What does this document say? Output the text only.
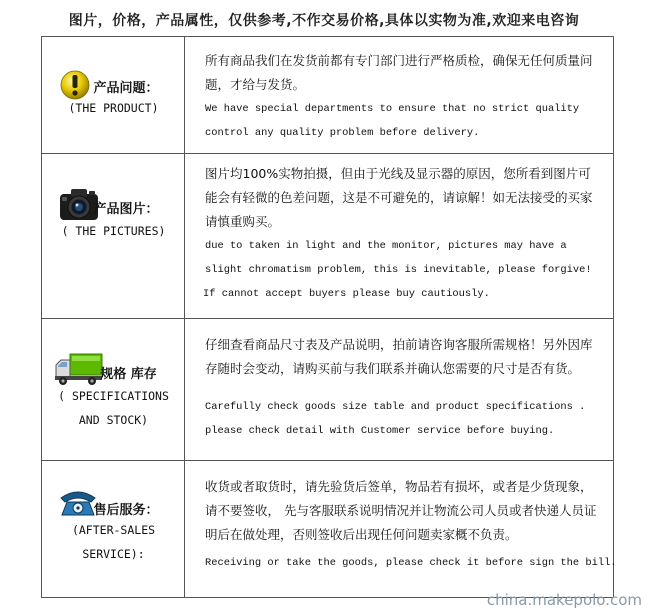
图片，价格，产品属性，仅供参考,不作交易价格,具体以实物为准,欢迎来电咨询
产品问题：
(THE PRODUCT)
所有商品我们在发货前都有专门部门进行严格质检，确保无任何质量问题，才给与发货。
We have special departments to ensure that no strict quality
control any quality problem before delivery.
产品图片：
( THE PICTURES)
图片均100%实物拍摄，但由于光线及显示器的原因，您所看到图片可能会有轻微的色差问题，这是不可避免的，请谅解！如无法接受的买家请慎重购买。
due to taken in light and the monitor, pictures may have a
slight chromatism problem, this is inevitable, please forgive!
If cannot accept buyers please buy cautiously.
规格 库存
( SPECIFICATIONS
AND STOCK)
仔细查看商品尺寸表及产品说明，拍前请咨询客服所需规格！另外因库存随时会变动，请购买前与我们联系并确认您需要的尺寸是否有货。
Carefully check goods size table and product specifications .
please check detail with Customer service before buying.
售后服务：
(AFTER-SALES
SERVICE):
收货或者取货时，请先验货后签单，物品若有损坏，或者是少货现象，请不要签收， 先与客服联系说明情况并让物流公司人员或者快递人员证明后在做处理，否则签收后出现任何问题卖家概不负责。
Receiving or take the goods, please check it before sign the bill.
china.makepolo.com
